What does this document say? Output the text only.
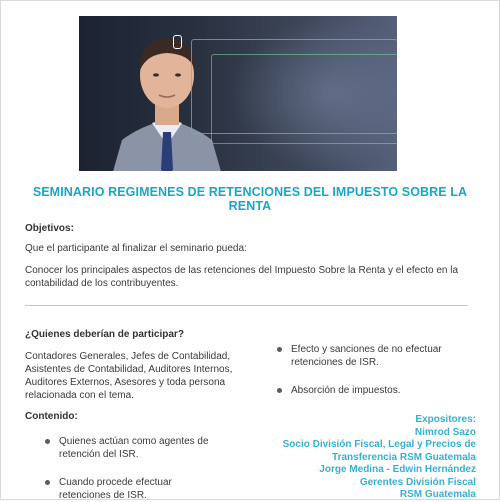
SEMINARIO REGIMENES DE RETENCIONES DEL IMPUESTO SOBRE LA RENTA
Objetivos:
Que el participante al finalizar el seminario pueda:
Conocer los principales aspectos de las retenciones del Impuesto Sobre la Renta y el efecto en la contabilidad de los contribuyentes.
¿Quienes deberían de participar?
Contadores Generales, Jefes de Contabilidad, Asistentes de Contabilidad, Auditores Internos, Auditores Externos, Asesores y toda persona relacionada con el tema.
Contenido:
Quienes actúan como agentes de retención del ISR.
Cuando procede efectuar retenciones de ISR.
Efecto y sanciones de no efectuar retenciones de ISR.
Absorción de impuestos.
Expositores:
Nimrod Sazo
Socio División Fiscal, Legal y Precios de
Transferencia RSM Guatemala
Jorge Medina - Edwin Hernández
Gerentes División Fiscal
RSM Guatemala
